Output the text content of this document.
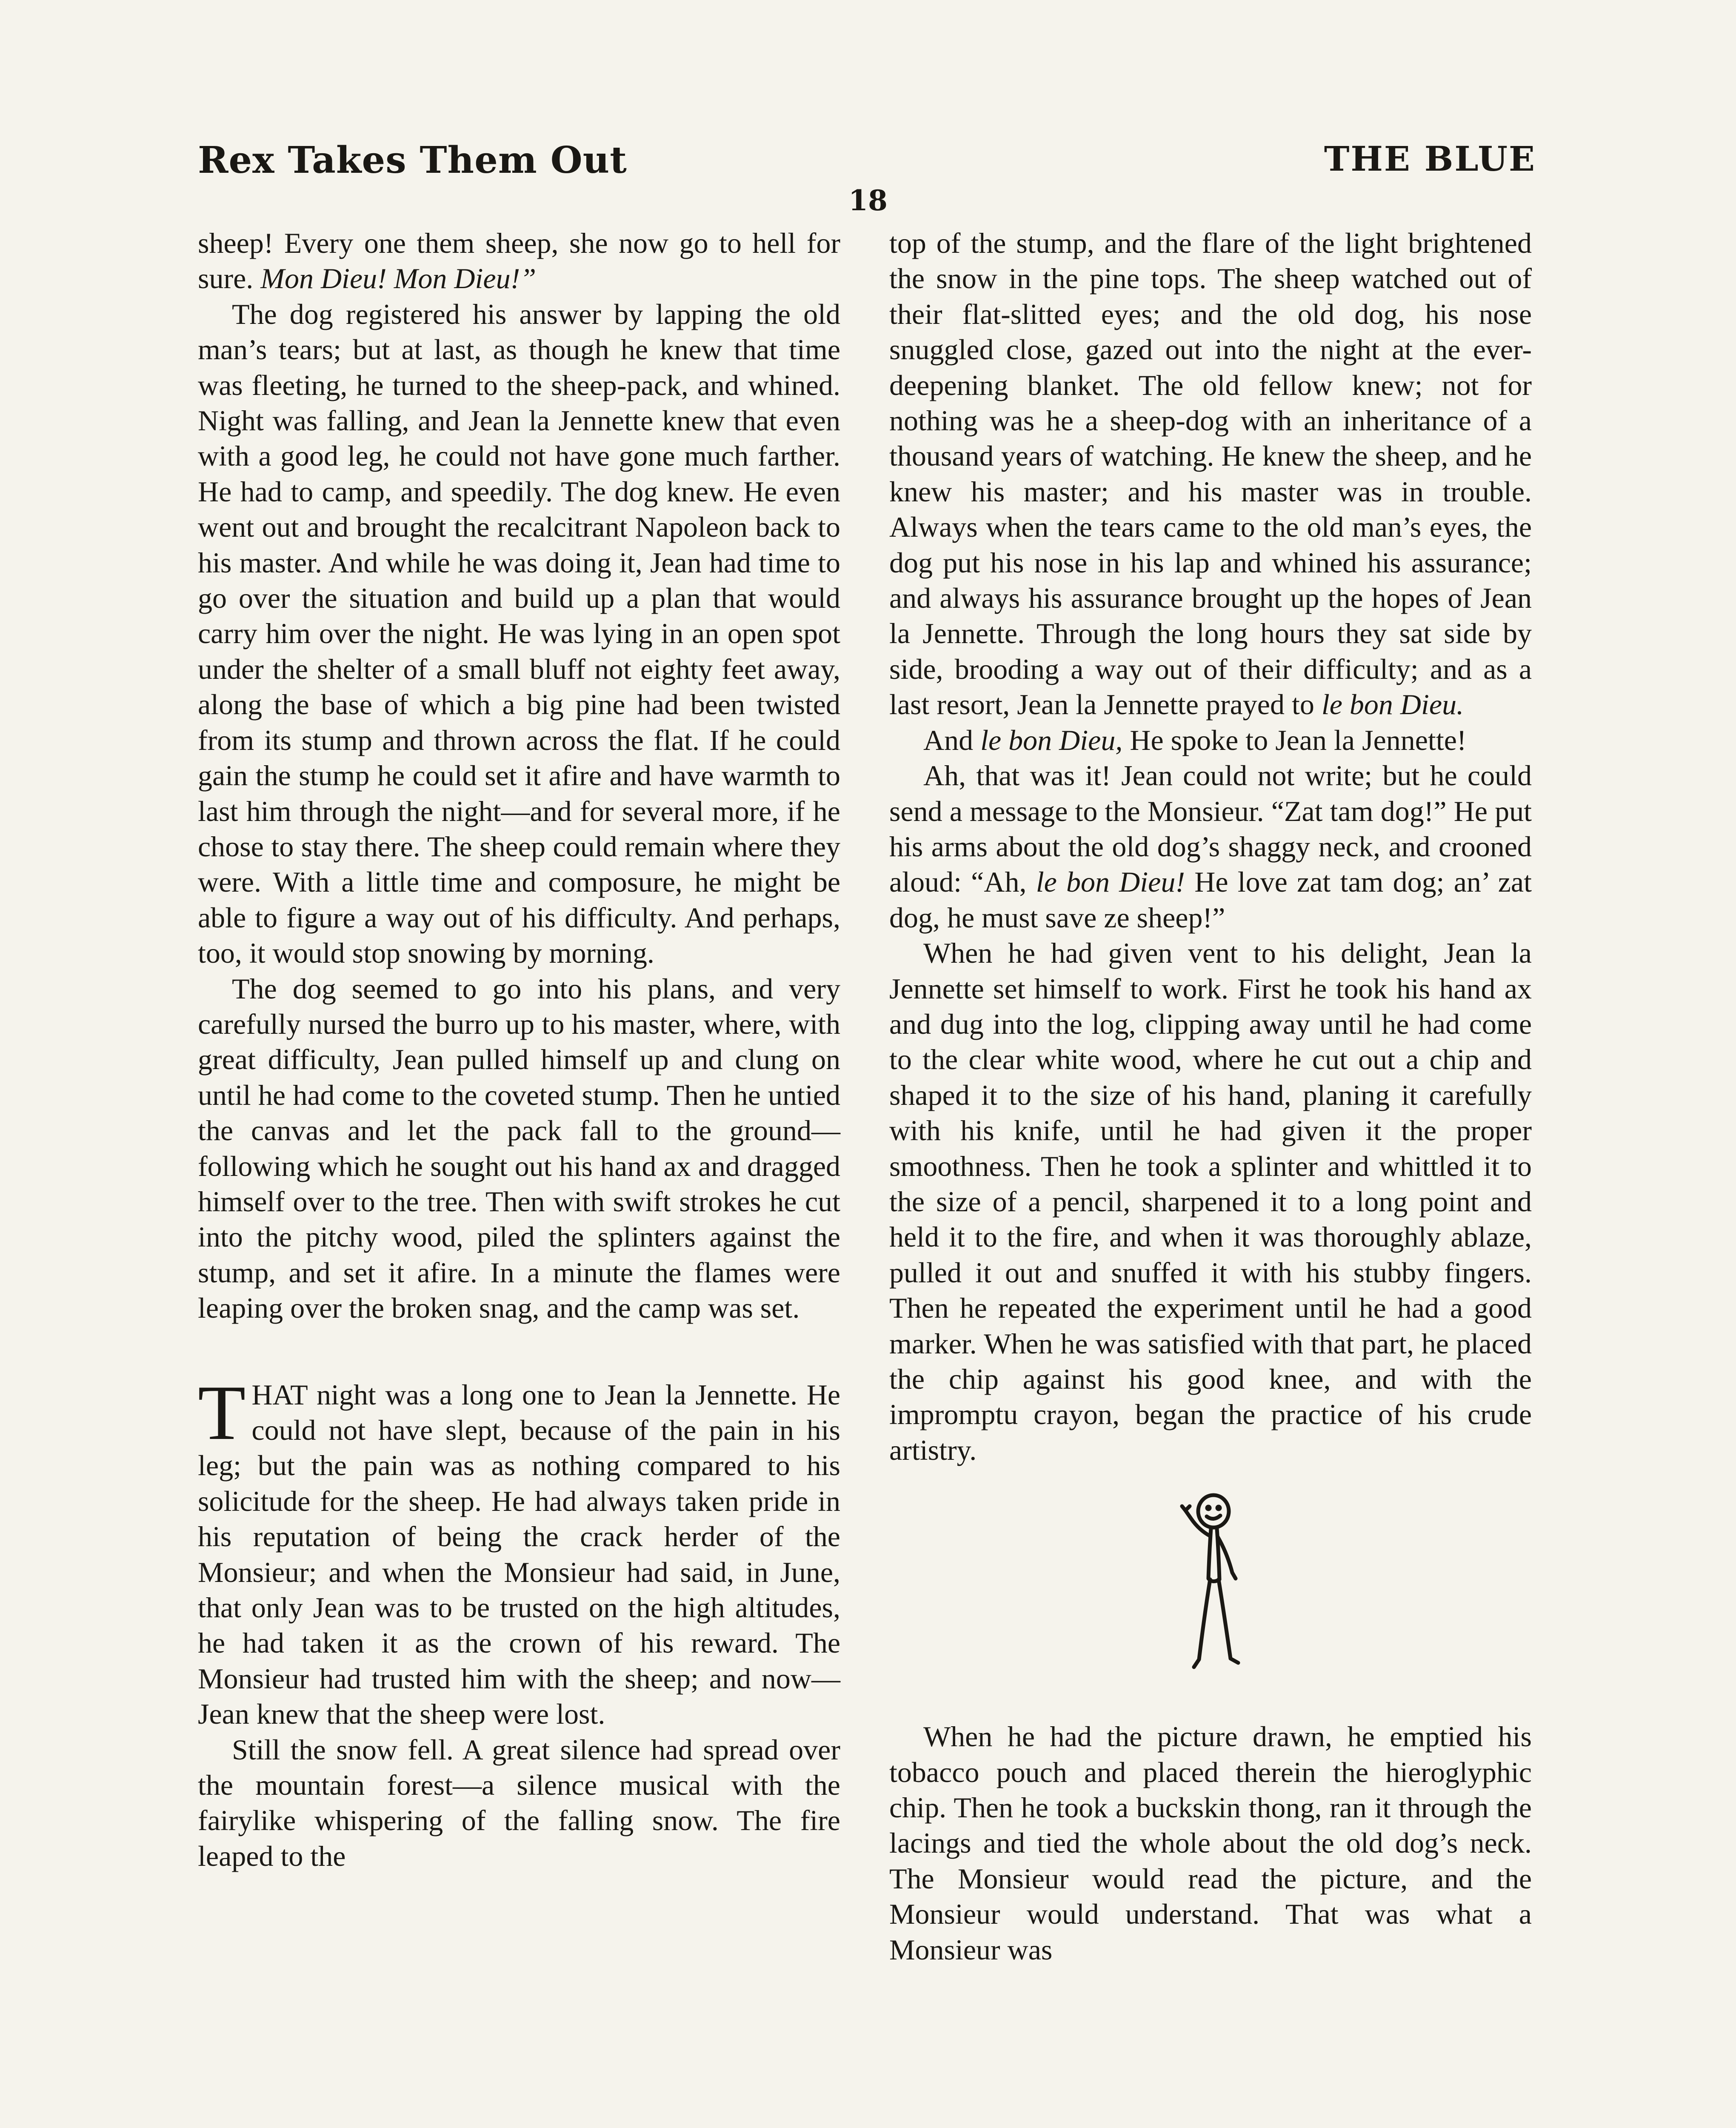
Rex Takes Them Out	THE BLUE
18

sheep! Every one them sheep, she now go to hell for sure. Mon Dieu! Mon Dieu!”

The dog registered his answer by lapping the old man’s tears; but at last, as though he knew that time was fleeting, he turned to the sheep-pack, and whined. Night was falling, and Jean la Jennette knew that even with a good leg, he could not have gone much farther. He had to camp, and speedily. The dog knew. He even went out and brought the recalcitrant Napoleon back to his master. And while he was doing it, Jean had time to go over the situation and build up a plan that would carry him over the night. He was lying in an open spot under the shelter of a small bluff not eighty feet away, along the base of which a big pine had been twisted from its stump and thrown across the flat. If he could gain the stump he could set it afire and have warmth to last him through the night—and for several more, if he chose to stay there. The sheep could remain where they were. With a little time and composure, he might be able to figure a way out of his difficulty. And perhaps, too, it would stop snowing by morning.

The dog seemed to go into his plans, and very carefully nursed the burro up to his master, where, with great difficulty, Jean pulled himself up and clung on until he had come to the coveted stump. Then he untied the canvas and let the pack fall to the ground—following which he sought out his hand ax and dragged himself over to the tree. Then with swift strokes he cut into the pitchy wood, piled the splinters against the stump, and set it afire. In a minute the flames were leaping over the broken snag, and the camp was set.

THAT night was a long one to Jean la Jennette. He could not have slept, because of the pain in his leg; but the pain was as nothing compared to his solicitude for the sheep. He had always taken pride in his reputation of being the crack herder of the Monsieur; and when the Monsieur had said, in June, that only Jean was to be trusted on the high altitudes, he had taken it as the crown of his reward. The Monsieur had trusted him with the sheep; and now—Jean knew that the sheep were lost.

Still the snow fell. A great silence had spread over the mountain forest—a silence musical with the fairylike whispering of the falling snow. The fire leaped to the

top of the stump, and the flare of the light brightened the snow in the pine tops. The sheep watched out of their flat-slitted eyes; and the old dog, his nose snuggled close, gazed out into the night at the ever-deepening blanket. The old fellow knew; not for nothing was he a sheep-dog with an inheritance of a thousand years of watching. He knew the sheep, and he knew his master; and his master was in trouble. Always when the tears came to the old man’s eyes, the dog put his nose in his lap and whined his assurance; and always his assurance brought up the hopes of Jean la Jennette. Through the long hours they sat side by side, brooding a way out of their difficulty; and as a last resort, Jean la Jennette prayed to le bon Dieu.

And le bon Dieu, He spoke to Jean la Jennette!

Ah, that was it! Jean could not write; but he could send a message to the Monsieur. “Zat tam dog!” He put his arms about the old dog’s shaggy neck, and crooned aloud: “Ah, le bon Dieu! He love zat tam dog; an’ zat dog, he must save ze sheep!”

When he had given vent to his delight, Jean la Jennette set himself to work. First he took his hand ax and dug into the log, clipping away until he had come to the clear white wood, where he cut out a chip and shaped it to the size of his hand, planing it carefully with his knife, until he had given it the proper smoothness. Then he took a splinter and whittled it to the size of a pencil, sharpened it to a long point and held it to the fire, and when it was thoroughly ablaze, pulled it out and snuffed it with his stubby fingers. Then he repeated the experiment until he had a good marker. When he was satisfied with that part, he placed the chip against his good knee, and with the impromptu crayon, began the practice of his crude artistry.

When he had the picture drawn, he emptied his tobacco pouch and placed therein the hieroglyphic chip. Then he took a buckskin thong, ran it through the lacings and tied the whole about the old dog’s neck. The Monsieur would read the picture, and the Monsieur would understand. That was what a Monsieur was
